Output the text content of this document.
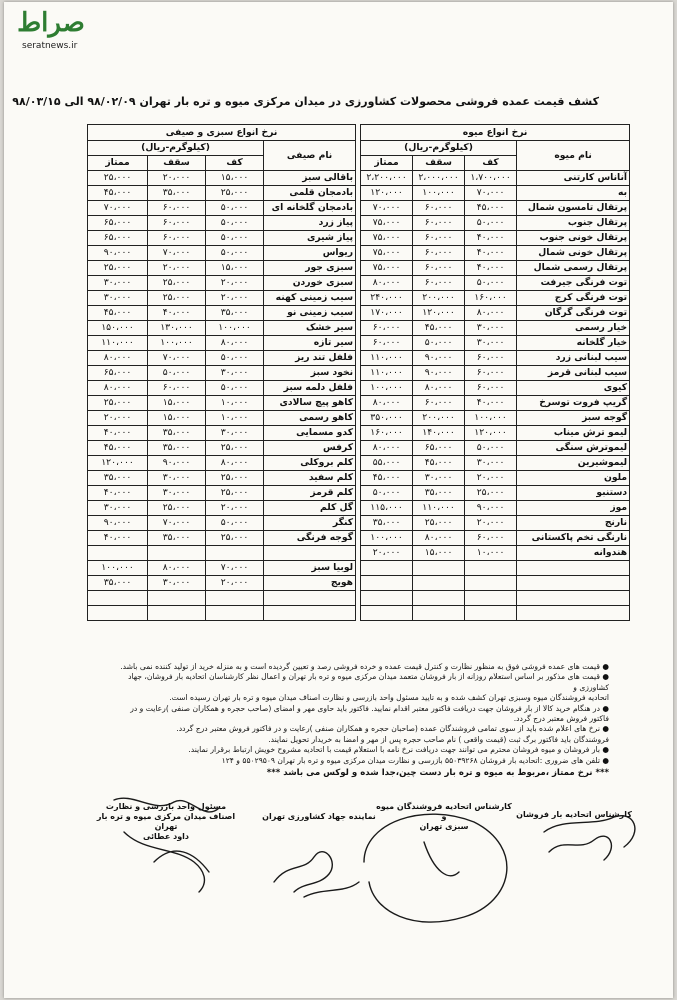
صراط
seratnews.ir
کشف قیمت عمده فروشی محصولات کشاورزی در میدان مرکزی میوه و تره بار تهران ۹۸/۰۲/۰۹ الی ۹۸/۰۳/۱۵
نرخ انواع میوه					نرخ انواع سبزی و صیفی			
نام میوه	(کیلوگرم-ریال)				نام صیفی	(کیلوگرم-ریال)		
	کف	سقف	ممتاز			کف	سقف	ممتاز
آناناس کارتنی	۱،۷۰۰،۰۰۰	۲،۰۰۰،۰۰۰	۲،۲۰۰،۰۰۰		باقالی سبز	۱۵،۰۰۰	۲۰،۰۰۰	۲۵،۰۰۰
به	۷۰،۰۰۰	۱۰۰،۰۰۰	۱۲۰،۰۰۰		بادمجان قلمی	۲۵،۰۰۰	۳۵،۰۰۰	۴۵،۰۰۰
پرتقال تامسون شمال	۴۵،۰۰۰	۶۰،۰۰۰	۷۰،۰۰۰		بادمجان گلخانه ای	۵۰،۰۰۰	۶۰،۰۰۰	۷۰،۰۰۰
پرتقال جنوب	۵۰،۰۰۰	۶۰،۰۰۰	۷۵،۰۰۰		پیاز زرد	۵۰،۰۰۰	۶۰،۰۰۰	۶۵،۰۰۰
پرتقال خونی جنوب	۴۰،۰۰۰	۶۰،۰۰۰	۷۵،۰۰۰		پیاز شیری	۵۰،۰۰۰	۶۰،۰۰۰	۶۵،۰۰۰
پرتقال خونی شمال	۴۰،۰۰۰	۶۰،۰۰۰	۷۵،۰۰۰		ریواس	۵۰،۰۰۰	۷۰،۰۰۰	۹۰،۰۰۰
پرتقال رسمی شمال	۴۰،۰۰۰	۶۰،۰۰۰	۷۵،۰۰۰		سبزی جور	۱۵،۰۰۰	۲۰،۰۰۰	۲۵،۰۰۰
توت فرنگی جیرفت	۵۰،۰۰۰	۶۰،۰۰۰	۸۰،۰۰۰		سبزی خوردن	۲۰،۰۰۰	۲۵،۰۰۰	۳۰،۰۰۰
توت فرنگی کرج	۱۶۰،۰۰۰	۲۰۰،۰۰۰	۲۴۰،۰۰۰		سیب زمینی کهنه	۲۰،۰۰۰	۲۵،۰۰۰	۳۰،۰۰۰
توت فرنگی گرگان	۸۰،۰۰۰	۱۲۰،۰۰۰	۱۷۰،۰۰۰		سیب زمینی نو	۳۵،۰۰۰	۴۰،۰۰۰	۴۵،۰۰۰
خیار رسمی	۳۰،۰۰۰	۴۵،۰۰۰	۶۰،۰۰۰		سیر خشک	۱۰۰،۰۰۰	۱۳۰،۰۰۰	۱۵۰،۰۰۰
خیار گلخانه	۳۰،۰۰۰	۵۰،۰۰۰	۶۰،۰۰۰		سیر تازه	۸۰،۰۰۰	۱۰۰،۰۰۰	۱۱۰،۰۰۰
سیب لبنانی زرد	۶۰،۰۰۰	۹۰،۰۰۰	۱۱۰،۰۰۰		فلفل تند ریز	۵۰،۰۰۰	۷۰،۰۰۰	۸۰،۰۰۰
سیب لبنانی قرمز	۶۰،۰۰۰	۹۰،۰۰۰	۱۱۰،۰۰۰		نخود سبز	۳۰،۰۰۰	۵۰،۰۰۰	۶۵،۰۰۰
کیوی	۶۰،۰۰۰	۸۰،۰۰۰	۱۰۰،۰۰۰		فلفل دلمه سبز	۵۰،۰۰۰	۶۰،۰۰۰	۸۰،۰۰۰
گریپ فروت توسرخ	۴۰،۰۰۰	۶۰،۰۰۰	۸۰،۰۰۰		کاهو پیچ سالادی	۱۰،۰۰۰	۱۵،۰۰۰	۲۵،۰۰۰
گوجه سبز	۱۰۰،۰۰۰	۲۰۰،۰۰۰	۳۵۰،۰۰۰		کاهو رسمی	۱۰،۰۰۰	۱۵،۰۰۰	۲۰،۰۰۰
لیمو ترش میناب	۱۲۰،۰۰۰	۱۴۰،۰۰۰	۱۶۰،۰۰۰		کدو مسمایی	۳۰،۰۰۰	۳۵،۰۰۰	۴۰،۰۰۰
لیموترش سنگی	۵۰،۰۰۰	۶۵،۰۰۰	۸۰،۰۰۰		کرفس	۲۵،۰۰۰	۳۵،۰۰۰	۴۵،۰۰۰
لیموشیرین	۳۰،۰۰۰	۴۵،۰۰۰	۵۵،۰۰۰		کلم بروکلی	۸۰،۰۰۰	۹۰،۰۰۰	۱۲۰،۰۰۰
ملون	۲۰،۰۰۰	۳۰،۰۰۰	۴۵،۰۰۰		کلم سفید	۲۵،۰۰۰	۳۰،۰۰۰	۳۵،۰۰۰
دستنبو	۲۵،۰۰۰	۳۵،۰۰۰	۵۰،۰۰۰		کلم قرمز	۲۵،۰۰۰	۳۰،۰۰۰	۴۰،۰۰۰
موز	۹۰،۰۰۰	۱۱۰،۰۰۰	۱۱۵،۰۰۰		گل کلم	۲۰،۰۰۰	۲۵،۰۰۰	۳۰،۰۰۰
نارنج	۲۰،۰۰۰	۲۵،۰۰۰	۳۵،۰۰۰		کنگر	۵۰،۰۰۰	۷۰،۰۰۰	۹۰،۰۰۰
نارنگی تخم پاکستانی	۶۰،۰۰۰	۸۰،۰۰۰	۱۰۰،۰۰۰		گوجه فرنگی	۲۵،۰۰۰	۳۵،۰۰۰	۴۰،۰۰۰
هندوانه	۱۰،۰۰۰	۱۵،۰۰۰	۲۰،۰۰۰					
					لوبیا سبز	۷۰،۰۰۰	۸۰،۰۰۰	۱۰۰،۰۰۰
					هویج	۲۰،۰۰۰	۳۰،۰۰۰	۳۵،۰۰۰

● قیمت های عمده فروشی فوق به منظور نظارت و کنترل قیمت عمده و خرده فروشی رصد و تعیین گردیده است و به منزله خرید از تولید کننده نمی باشد.

● قیمت های مذکور بر اساس استعلام روزانه از بار فروشان متعمد میدان مرکزی میوه و تره بار تهران و اعمال نظر کارشناسان اتحادیه بار فروشان، جهاد کشاورزی و

اتحادیه فروشندگان میوه وسبزی تهران کشف شده و به تایید مسئول واحد بازرسی و نظارت اصناف میدان میوه و تره بار تهران رسیده است.

● در هنگام خرید کالا از بار فروشان جهت دریافت فاکتور معتبر اقدام نمایید. فاکتور باید حاوی مهر و امضای (صاحب حجره و همکاران صنفی )رعایت و در فاکتور فروش معتبر درج گردد.

● نرخ های اعلام شده باید از سوی تمامی فروشندگان عمده (صاحبان حجره و همکاران صنفی )رعایت و در فاکتور فروش معتبر درج گردد.

فروشندگان باید فاکتور برگ ثبت (قیمت واقعی ) نام صاحب حجره پس از مهر و امضا به خریدار تحویل نمایند.

● بار فروشان و میوه فروشان محترم می توانند جهت دریافت نرخ نامه با استعلام قیمت با اتحادیه مشروح خویش ارتباط برقرار نمایند.

● تلفن های ضروری :اتحادیه بار فروشان ۵۵۰۳۹۲۶۸ بازرسی و نظارت میدان مرکزی میوه و تره بار تهران ۵۵۰۲۹۵۰۹ و ۱۲۴

*** نرخ ممتاز ،مربوط به میوه و تره بار دست چین،جدا شده و لوکس می باشد ***

کارشناس اتحادیه بار فروشان
کارشناس اتحادیه فروشندگان میوه و
سبزی تهران
نماینده جهاد کشاورزی تهران
مسئول واحد بازرسی و نظارت
اصناف میدان مرکزی میوه و تره بار تهران
داود عطائی
